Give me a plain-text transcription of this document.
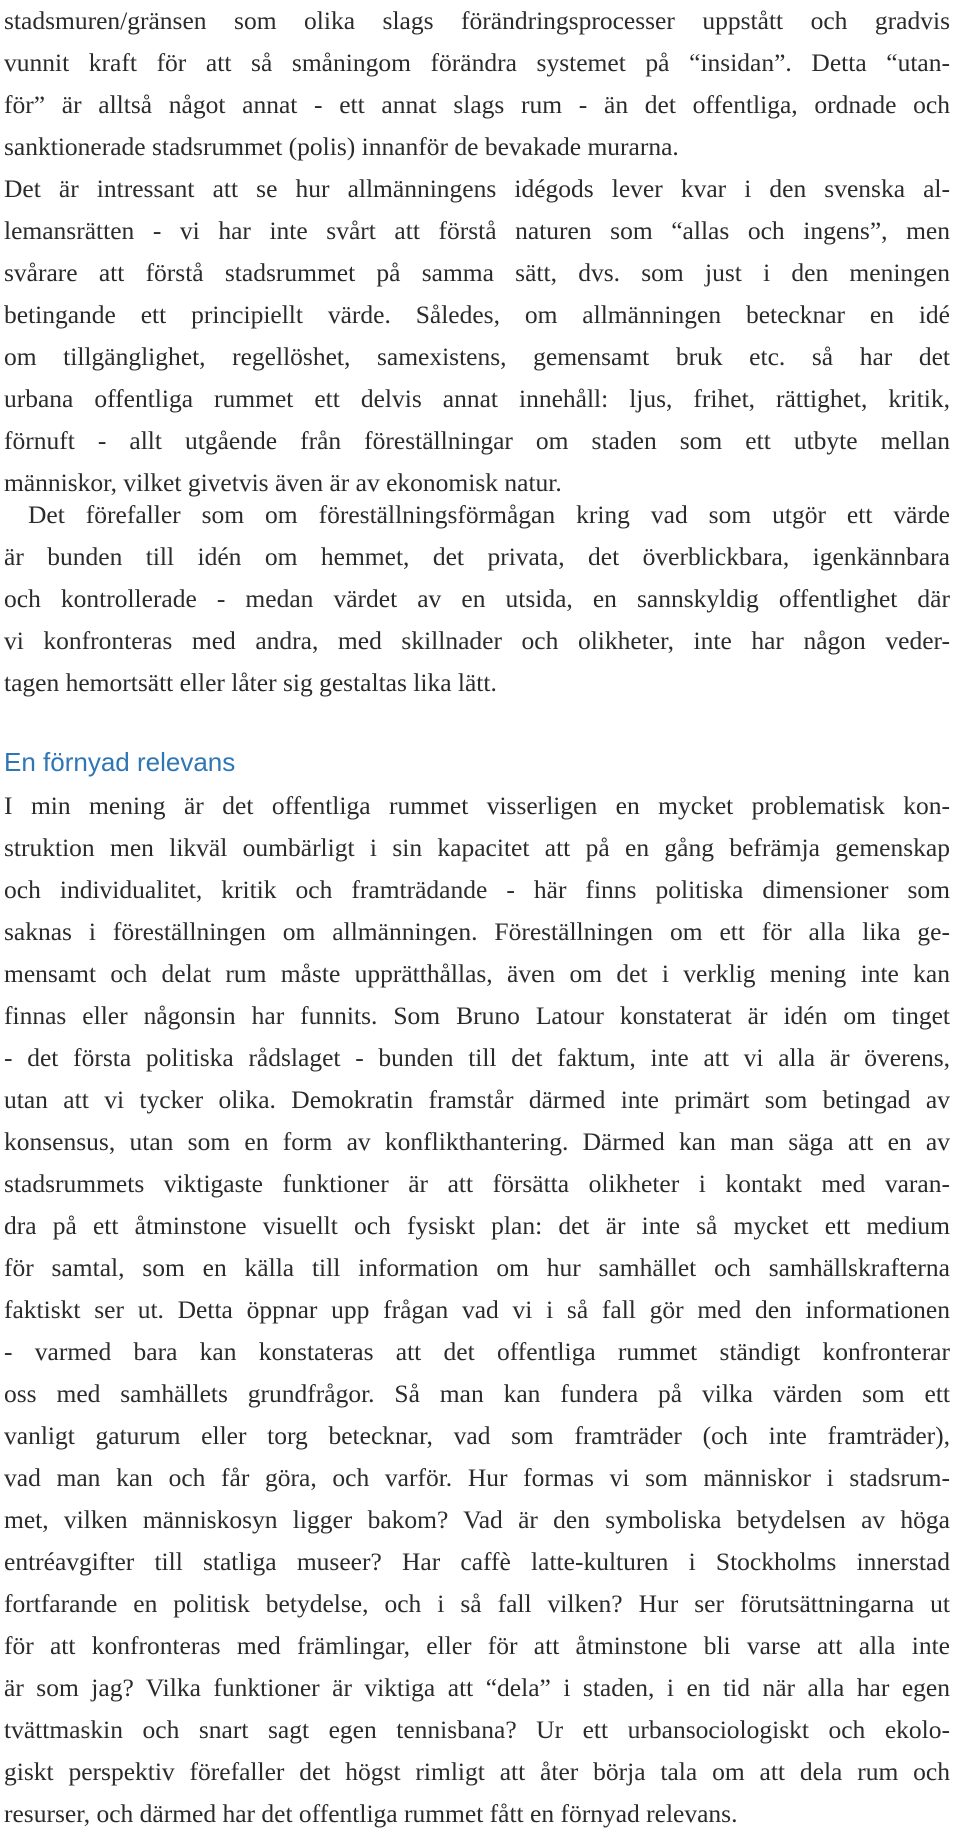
stadsmuren/gränsen som olika slags förändringsprocesser uppstått och gradvis
vunnit kraft för att så småningom förändra systemet på “insidan”. Detta “utan-
för” är alltså något annat - ett annat slags rum - än det offentliga, ordnade och
sanktionerade stadsrummet (polis) innanför de bevakade murarna.
Det är intressant att se hur allmänningens idégods lever kvar i den svenska al-
lemansrätten - vi har inte svårt att förstå naturen som “allas och ingens”, men
svårare att förstå stadsrummet på samma sätt, dvs. som just i den meningen
betingande ett principiellt värde. Således, om allmänningen betecknar en idé
om tillgänglighet, regellöshet, samexistens, gemensamt bruk etc. så har det
urbana offentliga rummet ett delvis annat innehåll: ljus, frihet, rättighet, kritik,
förnuft - allt utgående från föreställningar om staden som ett utbyte mellan
människor, vilket givetvis även är av ekonomisk natur.
Det förefaller som om föreställningsförmågan kring vad som utgör ett värde
är bunden till idén om hemmet, det privata, det överblickbara, igenkännbara
och kontrollerade - medan värdet av en utsida, en sannskyldig offentlighet där
vi konfronteras med andra, med skillnader och olikheter, inte har någon veder-
tagen hemortsätt eller låter sig gestaltas lika lätt.
En förnyad relevans
I min mening är det offentliga rummet visserligen en mycket problematisk kon-
struktion men likväl oumbärligt i sin kapacitet att på en gång befrämja gemenskap
och individualitet, kritik och framträdande - här finns politiska dimensioner som
saknas i föreställningen om allmänningen. Föreställningen om ett för alla lika ge-
mensamt och delat rum måste upprätthållas, även om det i verklig mening inte kan
finnas eller någonsin har funnits. Som Bruno Latour konstaterat är idén om tinget
- det första politiska rådslaget - bunden till det faktum, inte att vi alla är överens,
utan att vi tycker olika. Demokratin framstår därmed inte primärt som betingad av
konsensus, utan som en form av konflikthantering. Därmed kan man säga att en av
stadsrummets viktigaste funktioner är att försätta olikheter i kontakt med varan-
dra på ett åtminstone visuellt och fysiskt plan: det är inte så mycket ett medium
för samtal, som en källa till information om hur samhället och samhällskrafterna
faktiskt ser ut. Detta öppnar upp frågan vad vi i så fall gör med den informationen
- varmed bara kan konstateras att det offentliga rummet ständigt konfronterar
oss med samhällets grundfrågor. Så man kan fundera på vilka värden som ett
vanligt gaturum eller torg betecknar, vad som framträder (och inte framträder),
vad man kan och får göra, och varför. Hur formas vi som människor i stadsrum-
met, vilken människosyn ligger bakom? Vad är den symboliska betydelsen av höga
entréavgifter till statliga museer? Har caffè latte-kulturen i Stockholms innerstad
fortfarande en politisk betydelse, och i så fall vilken? Hur ser förutsättningarna ut
för att konfronteras med främlingar, eller för att åtminstone bli varse att alla inte
är som jag? Vilka funktioner är viktiga att “dela” i staden, i en tid när alla har egen
tvättmaskin och snart sagt egen tennisbana? Ur ett urbansociologiskt och ekolo-
giskt perspektiv förefaller det högst rimligt att åter börja tala om att dela rum och
resurser, och därmed har det offentliga rummet fått en förnyad relevans.
